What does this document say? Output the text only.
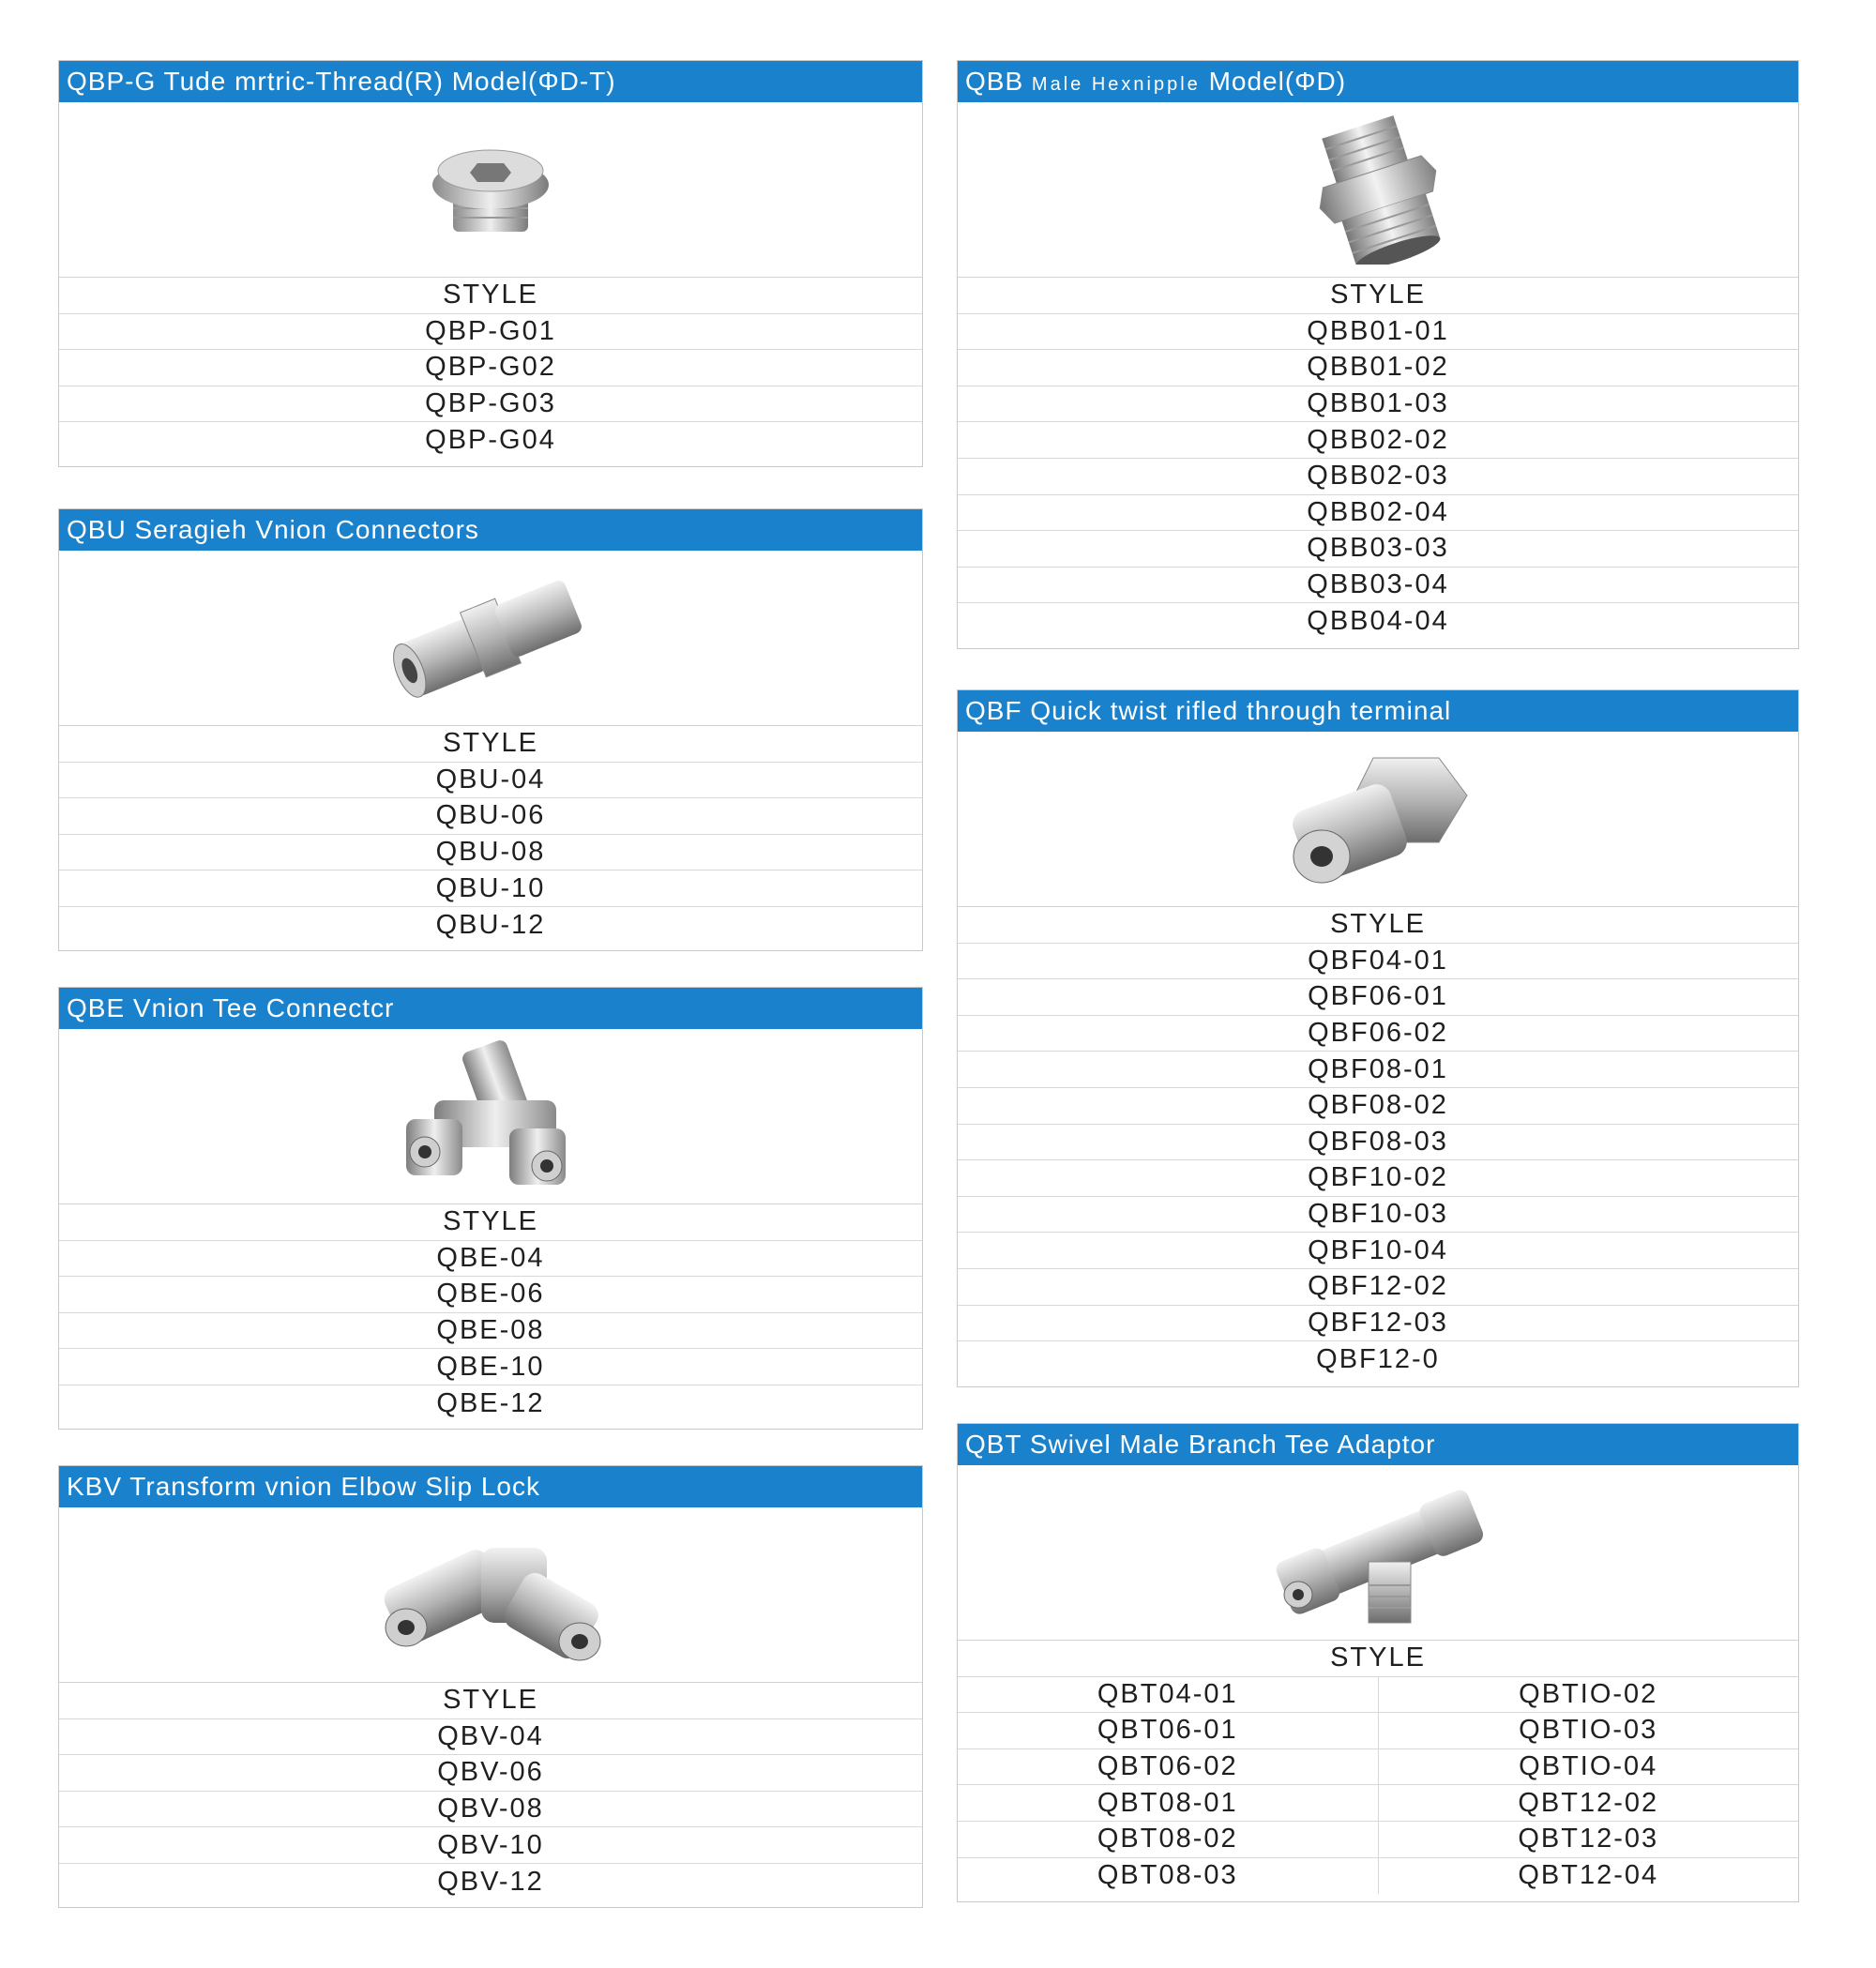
QBP-G Tude mrtric-Thread(R) Model(ΦD-T)
STYLE
QBP-G01
QBP-G02
QBP-G03
QBP-G04
QBU Seragieh Vnion Connectors
STYLE
QBU-04
QBU-06
QBU-08
QBU-10
QBU-12
QBE Vnion Tee Connectcr
STYLE
QBE-04
QBE-06
QBE-08
QBE-10
QBE-12
KBV Transform vnion Elbow Slip Lock
STYLE
QBV-04
QBV-06
QBV-08
QBV-10
QBV-12
QBB Male Hexnipple Model(ΦD)
STYLE
QBB01-01
QBB01-02
QBB01-03
QBB02-02
QBB02-03
QBB02-04
QBB03-03
QBB03-04
QBB04-04
QBF Quick twist rifled through terminal
STYLE
QBF04-01
QBF06-01
QBF06-02
QBF08-01
QBF08-02
QBF08-03
QBF10-02
QBF10-03
QBF10-04
QBF12-02
QBF12-03
QBF12-0
QBT Swivel Male Branch Tee Adaptor
STYLE
QBT04-01	QBTIO-02
QBT06-01	QBTIO-03
QBT06-02	QBTIO-04
QBT08-01	QBT12-02
QBT08-02	QBT12-03
QBT08-03	QBT12-04
